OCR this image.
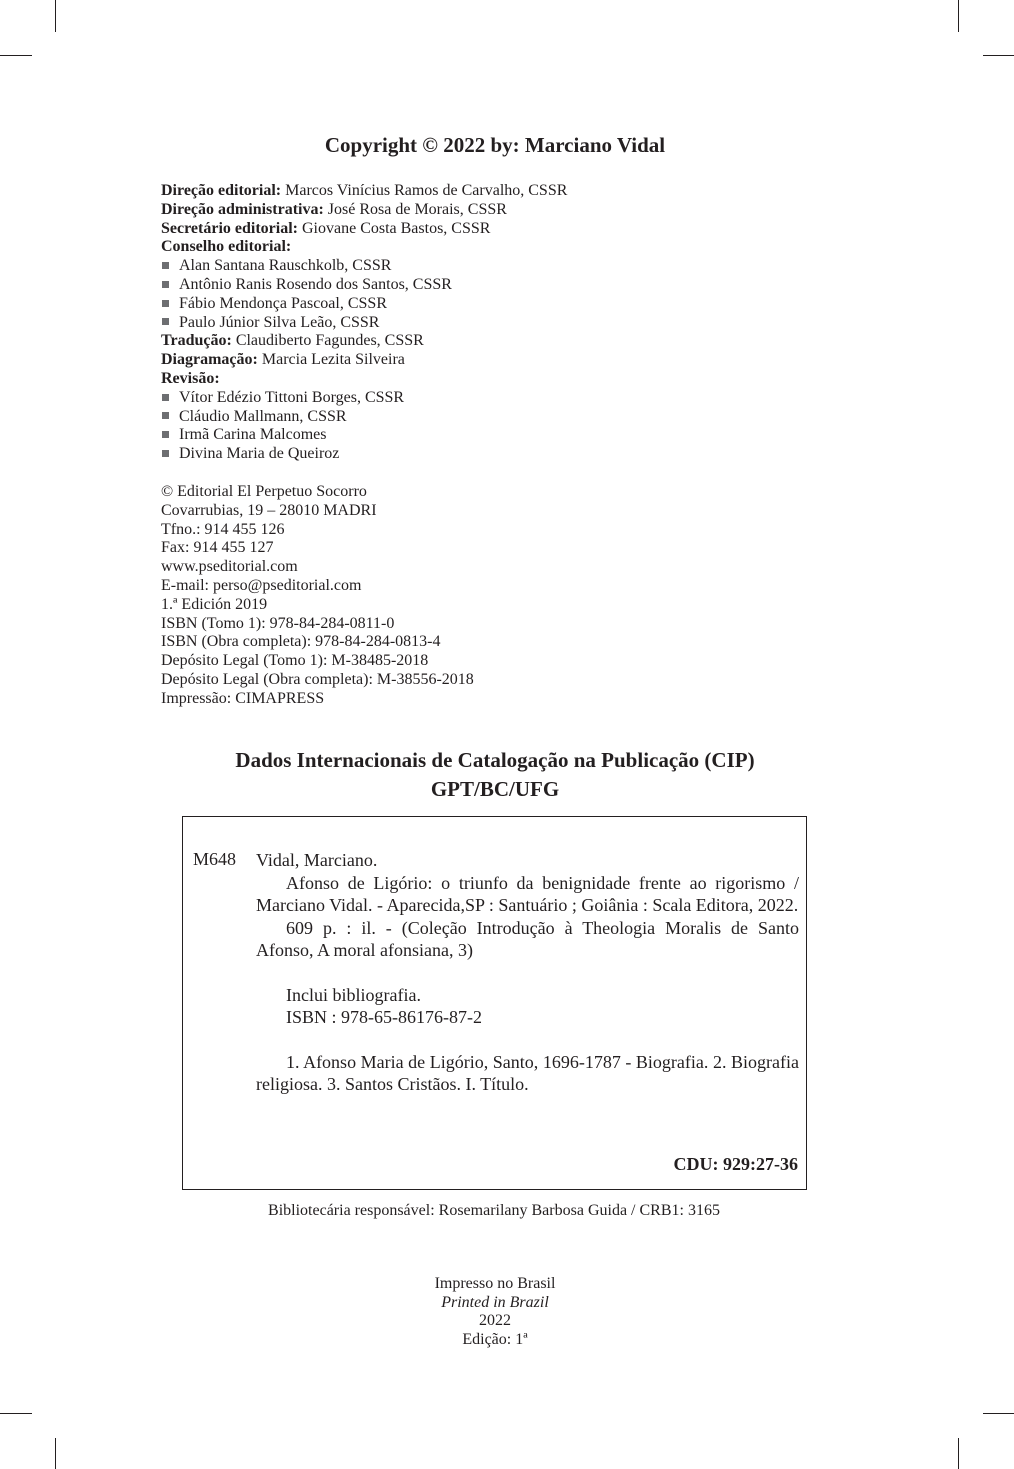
Copyright © 2022 by: Marciano Vidal
Direção editorial: Marcos Vinícius Ramos de Carvalho, CSSR
Direção administrativa: José Rosa de Morais, CSSR
Secretário editorial: Giovane Costa Bastos, CSSR
Conselho editorial:
Alan Santana Rauschkolb, CSSR
Antônio Ranis Rosendo dos Santos, CSSR
Fábio Mendonça Pascoal, CSSR
Paulo Júnior Silva Leão, CSSR
Tradução: Claudiberto Fagundes, CSSR
Diagramação: Marcia Lezita Silveira
Revisão:
Vítor Edézio Tittoni Borges, CSSR
Cláudio Mallmann, CSSR
Irmã Carina Malcomes
Divina Maria de Queiroz
© Editorial El Perpetuo Socorro
Covarrubias, 19 – 28010 MADRI
Tfno.: 914 455 126
Fax: 914 455 127
www.pseditorial.com
E-mail: perso@pseditorial.com
1.ª Edición 2019
ISBN (Tomo 1): 978-84-284-0811-0
ISBN (Obra completa): 978-84-284-0813-4
Depósito Legal (Tomo 1): M-38485-2018
Depósito Legal (Obra completa): M-38556-2018
Impressão: CIMAPRESS
Dados Internacionais de Catalogação na Publicação (CIP)
GPT/BC/UFG
M648 Vidal, Marciano.
Afonso de Ligório: o triunfo da benignidade frente ao rigorismo / Marciano Vidal. - Aparecida,SP : Santuário ; Goiânia : Scala Editora, 2022.
609 p. : il. - (Coleção Introdução à Theologia Moralis de Santo Afonso, A moral afonsiana, 3)
Inclui bibliografia.
ISBN : 978-65-86176-87-2
1. Afonso Maria de Ligório, Santo, 1696-1787 - Biografia. 2. Biografia religiosa. 3. Santos Cristãos. I. Título.
CDU: 929:27-36
Bibliotecária responsável: Rosemarilany Barbosa Guida / CRB1: 3165
Impresso no Brasil
Printed in Brazil
2022
Edição: 1ª
